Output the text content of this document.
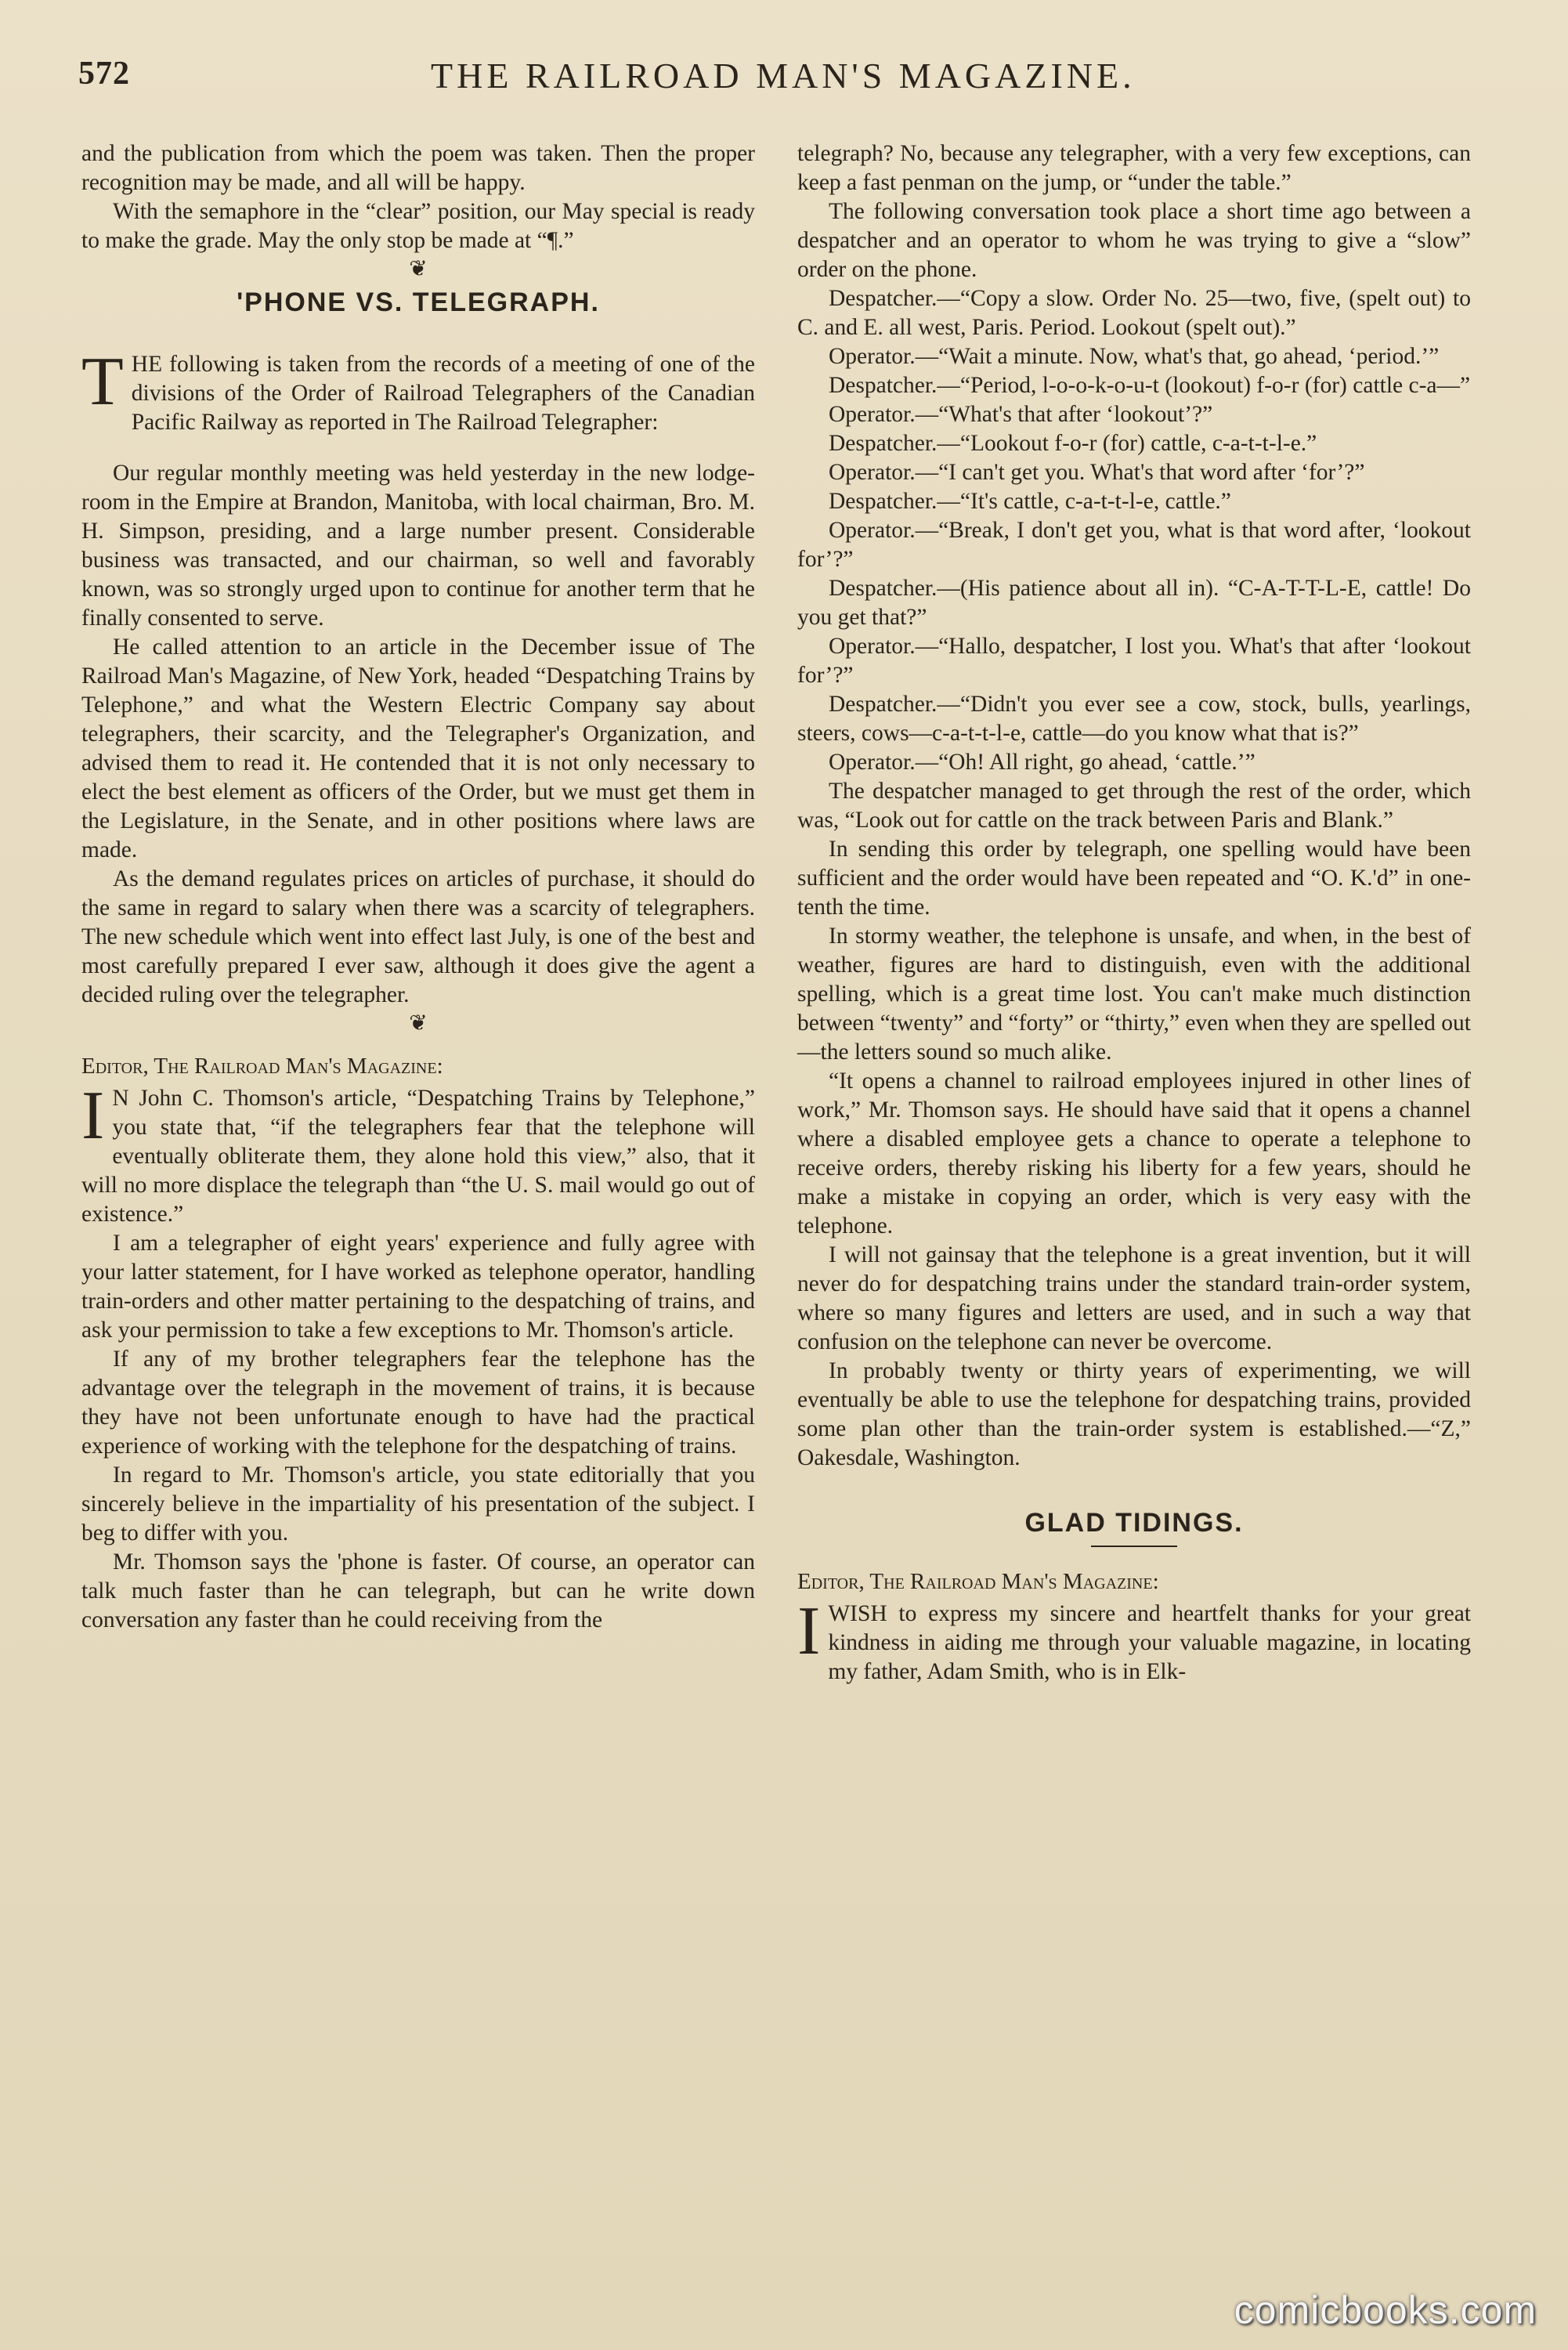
572	THE RAILROAD MAN'S MAGAZINE.

and the publication from which the poem was taken. Then the proper recognition may be made, and all will be happy.

With the semaphore in the “clear” position, our May special is ready to make the grade. May the only stop be made at “¶.”

❦
'PHONE VS. TELEGRAPH.
T HE following is taken from the records of a meeting of one of the divisions of the Order of Railroad Telegraphers of the Canadian Pacific Railway as reported in The Railroad Telegrapher:

Our regular monthly meeting was held yesterday in the new lodge-room in the Empire at Brandon, Manitoba, with local chairman, Bro. M. H. Simpson, presiding, and a large number present. Considerable business was transacted, and our chairman, so well and favorably known, was so strongly urged upon to continue for another term that he finally consented to serve.

He called attention to an article in the December issue of The Railroad Man's Magazine, of New York, headed “Despatching Trains by Telephone,” and what the Western Electric Company say about telegraphers, their scarcity, and the Telegrapher's Organization, and advised them to read it. He contended that it is not only necessary to elect the best element as officers of the Order, but we must get them in the Legislature, in the Senate, and in other positions where laws are made.

As the demand regulates prices on articles of purchase, it should do the same in regard to salary when there was a scarcity of telegraphers. The new schedule which went into effect last July, is one of the best and most carefully prepared I ever saw, although it does give the agent a decided ruling over the telegrapher.

❦

Editor, The Railroad Man's Magazine:

I N John C. Thomson's article, “Despatching Trains by Telephone,” you state that, “if the telegraphers fear that the telephone will eventually obliterate them, they alone hold this view,” also, that it will no more displace the telegraph than “the U. S. mail would go out of existence.”

I am a telegrapher of eight years' experience and fully agree with your latter statement, for I have worked as telephone operator, handling train-orders and other matter pertaining to the despatching of trains, and ask your permission to take a few exceptions to Mr. Thomson's article.

If any of my brother telegraphers fear the telephone has the advantage over the telegraph in the movement of trains, it is because they have not been unfortunate enough to have had the practical experience of working with the telephone for the despatching of trains.

In regard to Mr. Thomson's article, you state editorially that you sincerely believe in the impartiality of his presentation of the subject. I beg to differ with you.

Mr. Thomson says the 'phone is faster. Of course, an operator can talk much faster than he can telegraph, but can he write down conversation any faster than he could receiving from the

telegraph? No, because any telegrapher, with a very few exceptions, can keep a fast penman on the jump, or “under the table.”

The following conversation took place a short time ago between a despatcher and an operator to whom he was trying to give a “slow” order on the phone.

Despatcher.—“Copy a slow. Order No. 25—two, five, (spelt out) to C. and E. all west, Paris. Period. Lookout (spelt out).”

Operator.—“Wait a minute. Now, what's that, go ahead, ‘period.’”

Despatcher.—“Period, l-o-o-k-o-u-t (lookout) f-o-r (for) cattle c-a—”

Operator.—“What's that after ‘lookout’?”

Despatcher.—“Lookout f-o-r (for) cattle, c-a-t-t-l-e.”

Operator.—“I can't get you. What's that word after ‘for’?”

Despatcher.—“It's cattle, c-a-t-t-l-e, cattle.”

Operator.—“Break, I don't get you, what is that word after, ‘lookout for’?”

Despatcher.—(His patience about all in). “C-A-T-T-L-E, cattle! Do you get that?”

Operator.—“Hallo, despatcher, I lost you. What's that after ‘lookout for’?”

Despatcher.—“Didn't you ever see a cow, stock, bulls, yearlings, steers, cows—c-a-t-t-l-e, cattle—do you know what that is?”

Operator.—“Oh! All right, go ahead, ‘cattle.’”

The despatcher managed to get through the rest of the order, which was, “Look out for cattle on the track between Paris and Blank.”

In sending this order by telegraph, one spelling would have been sufficient and the order would have been repeated and “O. K.'d” in one-tenth the time.

In stormy weather, the telephone is unsafe, and when, in the best of weather, figures are hard to distinguish, even with the additional spelling, which is a great time lost. You can't make much distinction between “twenty” and “forty” or “thirty,” even when they are spelled out—the letters sound so much alike.

“It opens a channel to railroad employees injured in other lines of work,” Mr. Thomson says. He should have said that it opens a channel where a disabled employee gets a chance to operate a telephone to receive orders, thereby risking his liberty for a few years, should he make a mistake in copying an order, which is very easy with the telephone.

I will not gainsay that the telephone is a great invention, but it will never do for despatching trains under the standard train-order system, where so many figures and letters are used, and in such a way that confusion on the telephone can never be overcome.

In probably twenty or thirty years of experimenting, we will eventually be able to use the telephone for despatching trains, provided some plan other than the train-order system is established.—“Z,” Oakesdale, Washington.

GLAD TIDINGS.

Editor, The Railroad Man's Magazine:

I WISH to express my sincere and heartfelt thanks for your great kindness in aiding me through your valuable magazine, in locating my father, Adam Smith, who is in Elk-

comicbooks.com
